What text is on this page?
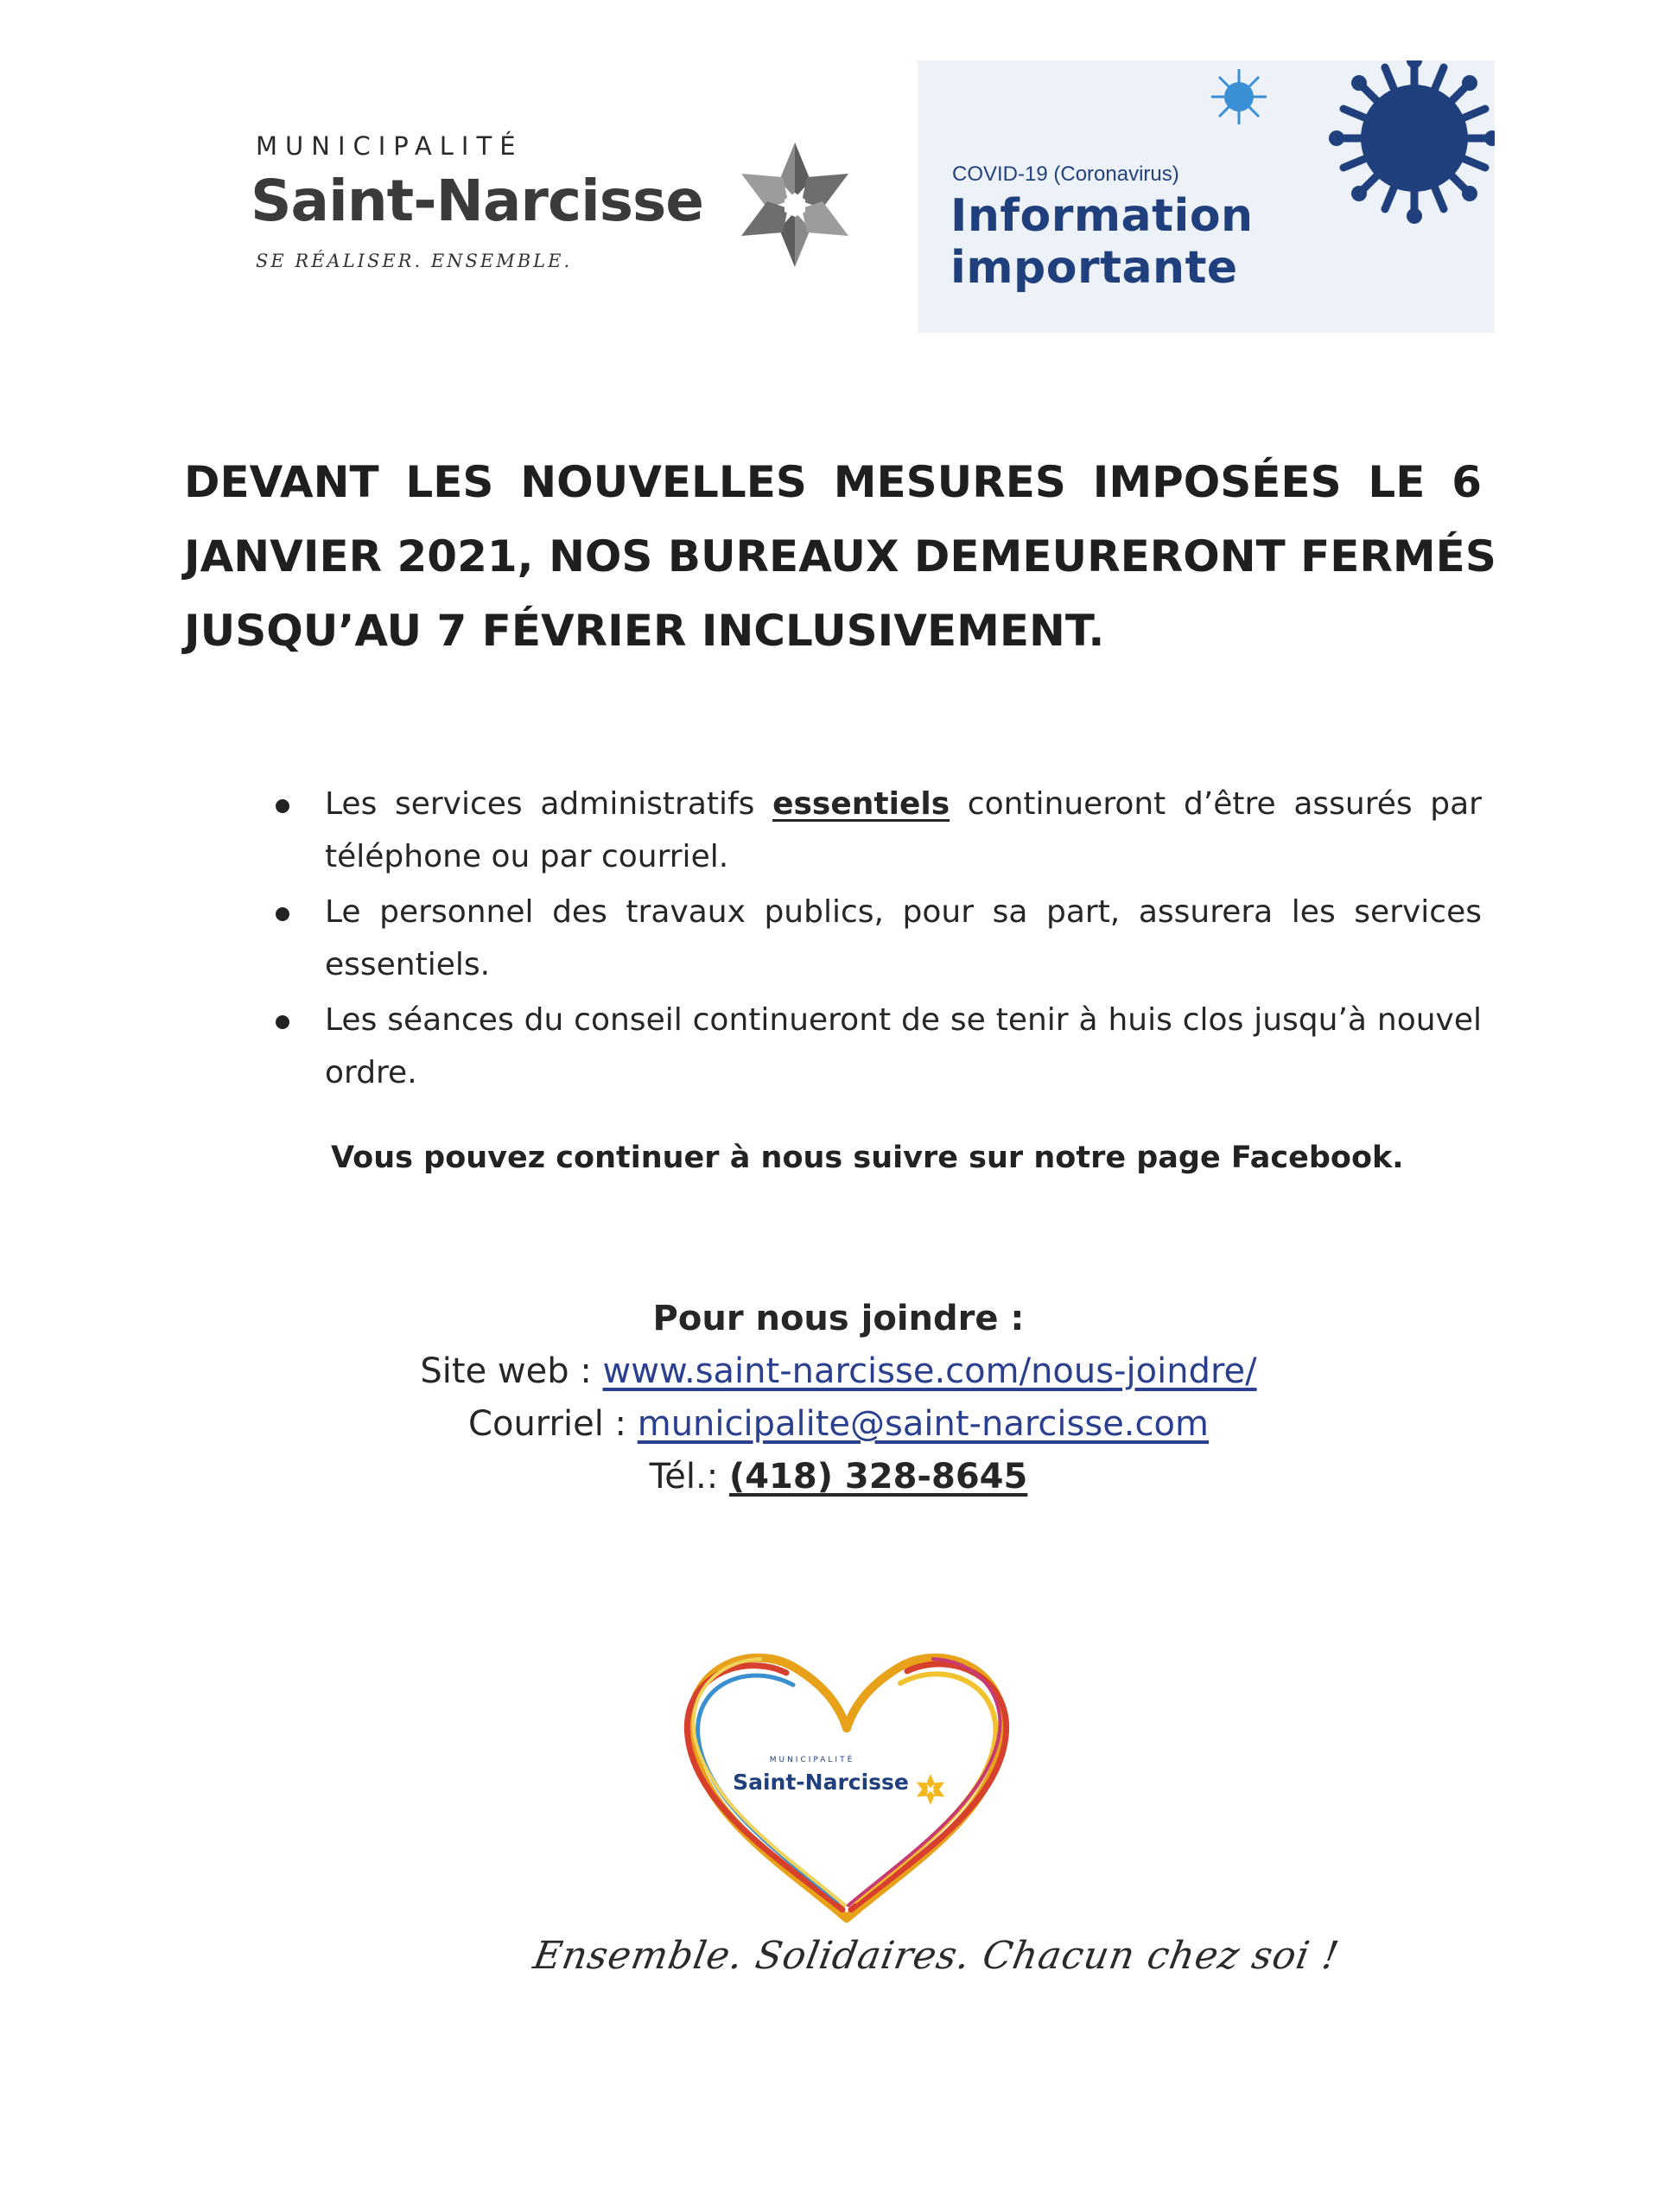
MUNICIPALITÉ
Saint-Narcisse
SE RÉALISER. ENSEMBLE.
COVID-19 (Coronavirus)
Information
importante
DEVANT LES NOUVELLES MESURES IMPOSÉES LE 6
JANVIER 2021, NOS BUREAUX DEMEURERONT FERMÉS
JUSQU’AU 7 FÉVRIER INCLUSIVEMENT.
Les services administratifs essentiels continueront d’être assurés par téléphone ou par courriel.
Le personnel des travaux publics, pour sa part, assurera les services essentiels.
Les séances du conseil continueront de se tenir à huis clos jusqu’à nouvel ordre.
Vous pouvez continuer à nous suivre sur notre page Facebook.
Pour nous joindre :
Site web : www.saint-narcisse.com/nous-joindre/
Courriel : municipalite@saint-narcisse.com
Tél.: (418) 328-8645
MUNICIPALITÉ
Saint-Narcisse
Ensemble. Solidaires. Chacun chez soi !
